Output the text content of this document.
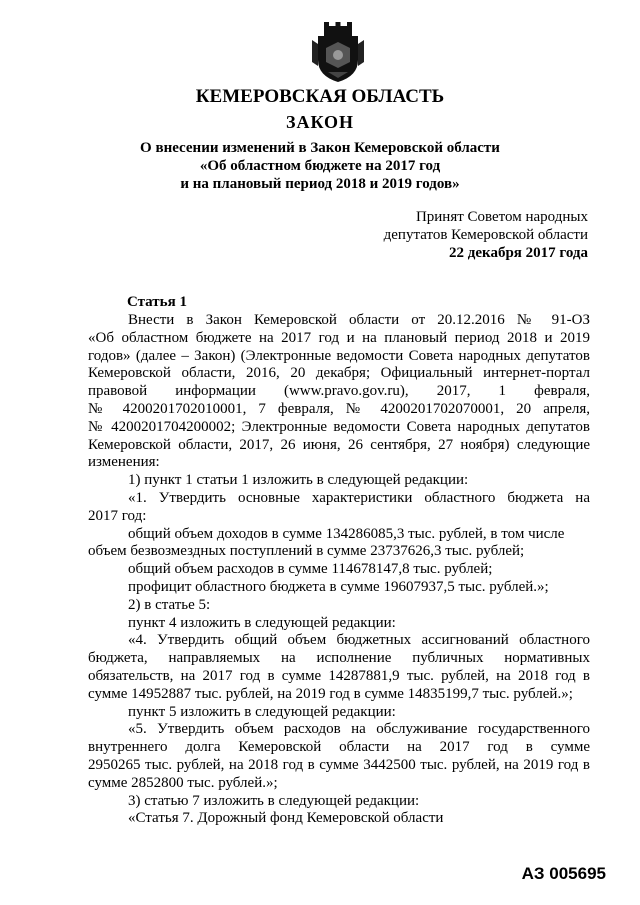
КЕМЕРОВСКАЯ ОБЛАСТЬ
ЗАКОН
О внесении изменений в Закон Кемеровской области
«Об областном бюджете на 2017 год
и на плановый период 2018 и 2019 годов»
Принят Советом народных
депутатов Кемеровской области
22 декабря 2017 года
Статья 1
Внести в Закон Кемеровской области от 20.12.2016 № 91-ОЗ
«Об областном бюджете на 2017 год и на плановый период 2018 и 2019
годов» (далее – Закон) (Электронные ведомости Совета народных депутатов
Кемеровской области, 2016, 20 декабря; Официальный интернет-портал
правовой информации (www.pravo.gov.ru), 2017, 1 февраля,
№ 4200201702010001, 7 февраля, № 4200201702070001, 20 апреля,
№ 4200201704200002; Электронные ведомости Совета народных депутатов
Кемеровской области, 2017, 26 июня, 26 сентября, 27 ноября) следующие
изменения:
1) пункт 1 статьи 1 изложить в следующей редакции:
«1. Утвердить основные характеристики областного бюджета на
2017 год:
общий объем доходов в сумме 134286085,3 тыс. рублей, в том числе
объем безвозмездных поступлений в сумме 23737626,3 тыс. рублей;
общий объем расходов в сумме 114678147,8 тыс. рублей;
профицит областного бюджета в сумме 19607937,5 тыс. рублей.»;
2) в статье 5:
пункт 4 изложить в следующей редакции:
«4. Утвердить общий объем бюджетных ассигнований областного
бюджета, направляемых на исполнение публичных нормативных
обязательств, на 2017 год в сумме 14287881,9 тыс. рублей, на 2018 год в
сумме 14952887 тыс. рублей, на 2019 год в сумме 14835199,7 тыс. рублей.»;
пункт 5 изложить в следующей редакции:
«5. Утвердить объем расходов на обслуживание государственного
внутреннего долга Кемеровской области на 2017 год в сумме
2950265 тыс. рублей, на 2018 год в сумме 3442500 тыс. рублей, на 2019 год в
сумме 2852800 тыс. рублей.»;
3) статью 7 изложить в следующей редакции:
«Статья 7. Дорожный фонд Кемеровской области
АЗ 005695
